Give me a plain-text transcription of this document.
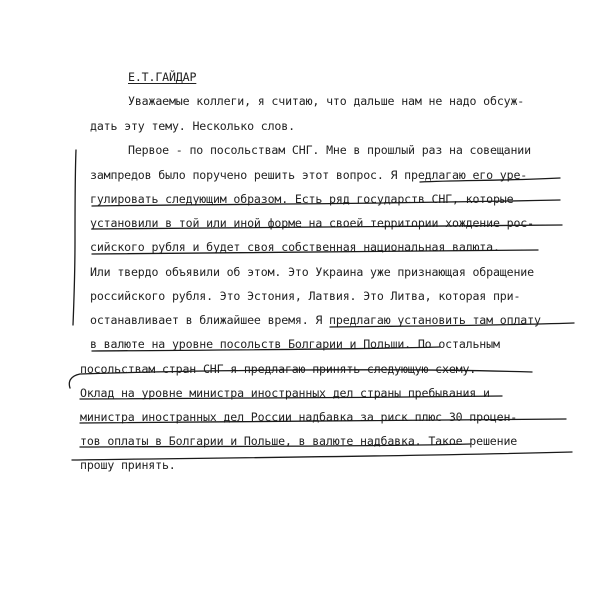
Е.Т.ГАЙДАР
Уважаемые коллеги, я считаю, что дальше нам не надо обсуж-
дать эту тему. Несколько слов.
Первое - по посольствам СНГ. Мне в прошлый раз на совещании
зампредов было поручено решить этот вопрос. Я предлагаю его уре-
гулировать следующим образом. Есть ряд государств СНГ, которые
установили в той или иной форме на своей территории хождение рос-
сийского рубля и будет своя собственная национальная валюта.
Или твердо объявили об этом. Это Украина уже признающая обращение
российского рубля. Это Эстония, Латвия. Это Литва, которая при-
останавливает в ближайшее время. Я предлагаю установить там оплату
в валюте на уровне посольств Болгарии и Польши. По остальным
посольствам стран СНГ я предлагаю принять следующую схему.
Оклад на уровне министра иностранных дел страны пребывания и
министра иностранных дел России надбавка за риск плюс 30 процен-
тов оплаты в Болгарии и Польше, в валюте надбавка. Такое решение
прошу принять.
